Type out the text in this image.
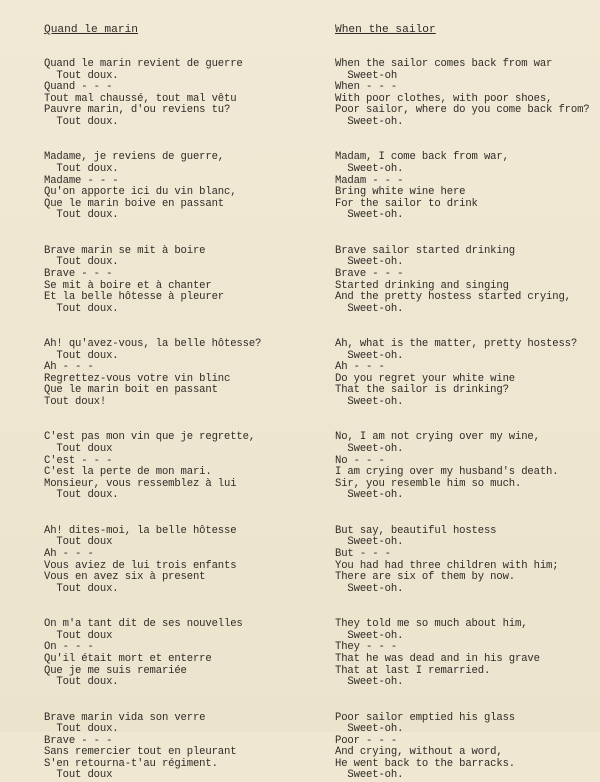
Quand le marin
Quand le marin revient de guerre
Tout doux.
Quand - - -
Tout mal chaussé, tout mal vêtu
Pauvre marin, d'ou reviens tu?
Tout doux.
Madame, je reviens de guerre,
Tout doux.
Madame - - -
Qu'on apporte ici du vin blanc,
Que le marin boive en passant
Tout doux.
Brave marin se mit à boire
Tout doux.
Brave - - -
Se mit à boire et à chanter
Et la belle hôtesse à pleurer
Tout doux.
Ah! qu'avez-vous, la belle hôtesse?
Tout doux.
Ah - - -
Regrettez-vous votre vin blinc
Que le marin boit en passant
Tout doux!
C'est pas mon vin que je regrette,
Tout doux
C'est - - -
C'est la perte de mon mari.
Monsieur, vous ressemblez à lui
Tout doux.
Ah! dites-moi, la belle hôtesse
Tout doux
Ah - - -
Vous aviez de lui trois enfants
Vous en avez six à present
Tout doux.
On m'a tant dit de ses nouvelles
Tout doux
On - - -
Qu'il était mort et enterre
Que je me suis remariée
Tout doux.
Brave marin vida son verre
Tout doux.
Brave - - -
Sans remercier tout en pleurant
S'en retourna-t'au régiment.
Tout doux
When the sailor
When the sailor comes back from war
Sweet-oh
When - - -
With poor clothes, with poor shoes,
Poor sailor, where do you come back from?
Sweet-oh.
Madam, I come back from war,
Sweet-oh.
Madam - - -
Bring white wine here
For the sailor to drink
Sweet-oh.
Brave sailor started drinking
Sweet-oh.
Brave - - -
Started drinking and singing
And the pretty hostess started crying,
Sweet-oh.
Ah, what is the matter, pretty hostess?
Sweet-oh.
Ah - - -
Do you regret your white wine
That the sailor is drinking?
Sweet-oh.
No, I am not crying over my wine,
Sweet-oh.
No - - -
I am crying over my husband's death.
Sir, you resemble him so much.
Sweet-oh.
But say, beautiful hostess
Sweet-oh.
But - - -
You had had three children with him;
There are six of them by now.
Sweet-oh.
They told me so much about him,
Sweet-oh.
They - - -
That he was dead and in his grave
That at last I remarried.
Sweet-oh.
Poor sailor emptied his glass
Sweet-oh.
Poor - - -
And crying, without a word,
He went back to the barracks.
Sweet-oh.
